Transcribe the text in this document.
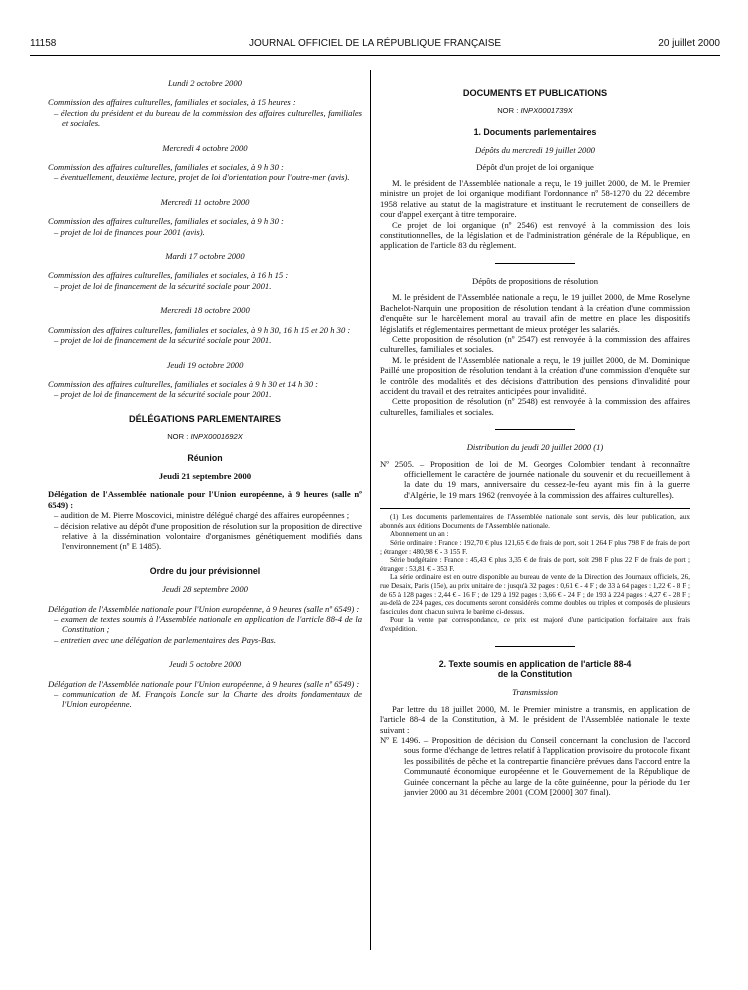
11158	JOURNAL OFFICIEL DE LA RÉPUBLIQUE FRANÇAISE	20 juillet 2000
Lundi 2 octobre 2000
Commission des affaires culturelles, familiales et sociales, à 15 heures :
– élection du président et du bureau de la commission des affaires culturelles, familiales et sociales.
Mercredi 4 octobre 2000
Commission des affaires culturelles, familiales et sociales, à 9 h 30 :
– éventuellement, deuxième lecture, projet de loi d'orientation pour l'outre-mer (avis).
Mercredi 11 octobre 2000
Commission des affaires culturelles, familiales et sociales, à 9 h 30 :
– projet de loi de finances pour 2001 (avis).
Mardi 17 octobre 2000
Commission des affaires culturelles, familiales et sociales, à 16 h 15 :
– projet de loi de financement de la sécurité sociale pour 2001.
Mercredi 18 octobre 2000
Commission des affaires culturelles, familiales et sociales, à 9 h 30, 16 h 15 et 20 h 30 :
– projet de loi de financement de la sécurité sociale pour 2001.
Jeudi 19 octobre 2000
Commission des affaires culturelles, familiales et sociales à 9 h 30 et 14 h 30 :
– projet de loi de financement de la sécurité sociale pour 2001.
DÉLÉGATIONS PARLEMENTAIRES
NOR : INPX0001692X
Réunion
Jeudi 21 septembre 2000
Délégation de l'Assemblée nationale pour l'Union européenne, à 9 heures (salle nº 6549) :
– audition de M. Pierre Moscovici, ministre délégué chargé des affaires européennes ;
– décision relative au dépôt d'une proposition de résolution sur la proposition de directive relative à la dissémination volontaire d'organismes génétiquement modifiés dans l'environnement (nº E 1485).
Ordre du jour prévisionnel
Jeudi 28 septembre 2000
Délégation de l'Assemblée nationale pour l'Union européenne, à 9 heures (salle nº 6549) :
– examen de textes soumis à l'Assemblée nationale en application de l'article 88-4 de la Constitution ;
– entretien avec une délégation de parlementaires des Pays-Bas.
Jeudi 5 octobre 2000
Délégation de l'Assemblée nationale pour l'Union européenne, à 9 heures (salle nº 6549) :
– communication de M. François Loncle sur la Charte des droits fondamentaux de l'Union européenne.
DOCUMENTS ET PUBLICATIONS
NOR : INPX0001739X
1. Documents parlementaires
Dépôts du mercredi 19 juillet 2000
Dépôt d'un projet de loi organique

M. le président de l'Assemblée nationale a reçu, le 19 juillet 2000, de M. le Premier ministre un projet de loi organique modifiant l'ordonnance nº 58-1270 du 22 décembre 1958 relative au statut de la magistrature et instituant le recrutement de conseillers de cour d'appel exerçant à titre temporaire.

Ce projet de loi organique (nº 2546) est renvoyé à la commission des lois constitutionnelles, de la législation et de l'administration générale de la République, en application de l'article 83 du règlement.

Dépôts de propositions de résolution

M. le président de l'Assemblée nationale a reçu, le 19 juillet 2000, de Mme Roselyne Bachelot-Narquin une proposition de résolution tendant à la création d'une commission d'enquête sur le harcèlement moral au travail afin de mettre en place les dispositifs législatifs et réglementaires permettant de mieux protéger les salariés.

Cette proposition de résolution (nº 2547) est renvoyée à la commission des affaires culturelles, familiales et sociales.

M. le président de l'Assemblée nationale a reçu, le 19 juillet 2000, de M. Dominique Paillé une proposition de résolution tendant à la création d'une commission d'enquête sur le contrôle des modalités et des décisions d'attribution des pensions d'invalidité pour accident du travail et des retraites anticipées pour invalidité.

Cette proposition de résolution (nº 2548) est renvoyée à la commission des affaires culturelles, familiales et sociales.

Distribution du jeudi 20 juillet 2000 (1)
Nº 2505. – Proposition de loi de M. Georges Colombier tendant à reconnaître officiellement le caractère de journée nationale du souvenir et du recueillement à la date du 19 mars, anniversaire du cessez-le-feu ayant mis fin à la guerre d'Algérie, le 19 mars 1962 (renvoyée à la commission des affaires culturelles).

(1) Les documents parlementaires de l'Assemblée nationale sont servis, dès leur publication, aux abonnés aux éditions Documents de l'Assemblée nationale.

Abonnement un an :

Série ordinaire : France : 192,70 € plus 121,65 € de frais de port, soit 1 264 F plus 798 F de frais de port ; étranger : 480,98 € - 3 155 F.

Série budgétaire : France : 45,43 € plus 3,35 € de frais de port, soit 298 F plus 22 F de frais de port ; étranger : 53,81 € - 353 F.

La série ordinaire est en outre disponible au bureau de vente de la Direction des Journaux officiels, 26, rue Desaix, Paris (15e), au prix unitaire de : jusqu'à 32 pages : 0,61 € - 4 F ; de 33 à 64 pages : 1,22 € - 8 F ; de 65 à 128 pages : 2,44 € - 16 F ; de 129 à 192 pages : 3,66 € - 24 F ; de 193 à 224 pages : 4,27 € - 28 F ; au-delà de 224 pages, ces documents seront considérés comme doubles ou triples et composés de plusieurs fascicules dont chacun suivra le barème ci-dessus.

Pour la vente par correspondance, ce prix est majoré d'une participation forfaitaire aux frais d'expédition.

2. Texte soumis en application de l'article 88-4
de la Constitution
Transmission

Par lettre du 18 juillet 2000, M. le Premier ministre a transmis, en application de l'article 88-4 de la Constitution, à M. le président de l'Assemblée nationale le texte suivant :

Nº E 1496. – Proposition de décision du Conseil concernant la conclusion de l'accord sous forme d'échange de lettres relatif à l'application provisoire du protocole fixant les possibilités de pêche et la contrepartie financière prévues dans l'accord entre la Communauté économique européenne et le Gouvernement de la République de Guinée concernant la pêche au large de la côte guinéenne, pour la période du 1er janvier 2000 au 31 décembre 2001 (COM [2000] 307 final).
